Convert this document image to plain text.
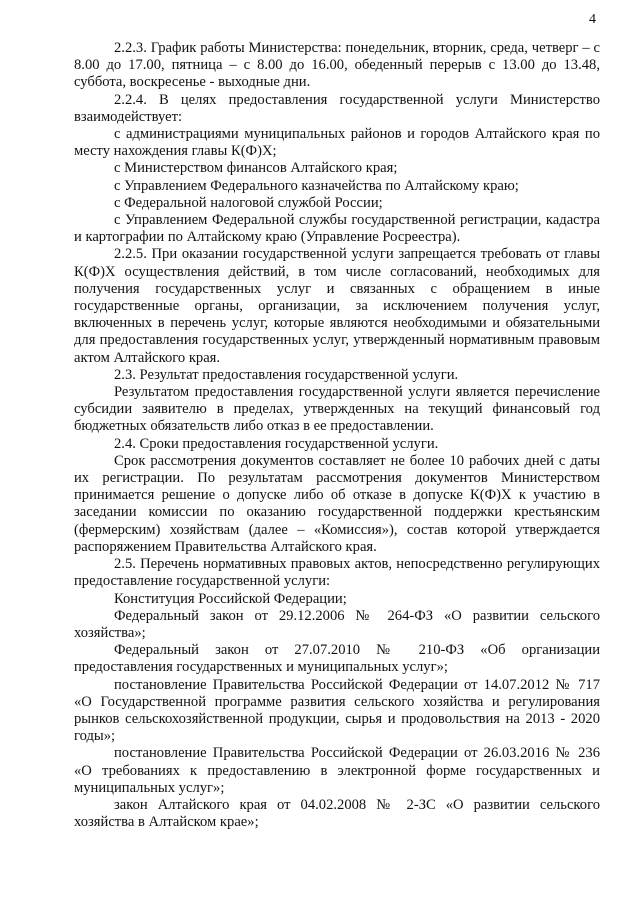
4

2.2.3. График работы Министерства: понедельник, вторник, среда, четверг – с 8.00 до 17.00, пятница – с 8.00 до 16.00, обеденный перерыв с 13.00 до 13.48, суббота, воскресенье - выходные дни.

2.2.4. В целях предоставления государственной услуги Министерство взаимодействует:

с администрациями муниципальных районов и городов Алтайского края по месту нахождения главы К(Ф)Х;

с Министерством финансов Алтайского края;

с Управлением Федерального казначейства по Алтайскому краю;

с Федеральной налоговой службой России;

с Управлением Федеральной службы государственной регистрации, кадастра и картографии по Алтайскому краю (Управление Росреестра).

2.2.5. При оказании государственной услуги запрещается требовать от главы К(Ф)Х осуществления действий, в том числе согласований, необходимых для получения государственных услуг и связанных с обращением в иные государственные органы, организации, за исключением получения услуг, включенных в перечень услуг, которые являются необходимыми и обязательными для предоставления государственных услуг, утвержденный нормативным правовым актом Алтайского края.

2.3. Результат предоставления государственной услуги.

Результатом предоставления государственной услуги является перечисление субсидии заявителю в пределах, утвержденных на текущий финансовый год бюджетных обязательств либо отказ в ее предоставлении.

2.4. Сроки предоставления государственной услуги.

Срок рассмотрения документов составляет не более 10 рабочих дней с даты их регистрации. По результатам рассмотрения документов Министерством принимается решение о допуске либо об отказе в допуске К(Ф)Х к участию в заседании комиссии по оказанию государственной поддержки крестьянским (фермерским) хозяйствам (далее – «Комиссия»), состав которой утверждается распоряжением Правительства Алтайского края.

2.5. Перечень нормативных правовых актов, непосредственно регулирующих предоставление государственной услуги:

Конституция Российской Федерации;

Федеральный закон от 29.12.2006 № 264-ФЗ «О развитии сельского хозяйства»;

Федеральный закон от 27.07.2010 № 210-ФЗ «Об организации предоставления государственных и муниципальных услуг»;

постановление Правительства Российской Федерации от 14.07.2012 № 717 «О Государственной программе развития сельского хозяйства и регулирования рынков сельскохозяйственной продукции, сырья и продовольствия на 2013 - 2020 годы»;

постановление Правительства Российской Федерации от 26.03.2016 № 236 «О требованиях к предоставлению в электронной форме государственных и муниципальных услуг»;

закон Алтайского края от 04.02.2008 № 2-ЗС «О развитии сельского хозяйства в Алтайском крае»;
